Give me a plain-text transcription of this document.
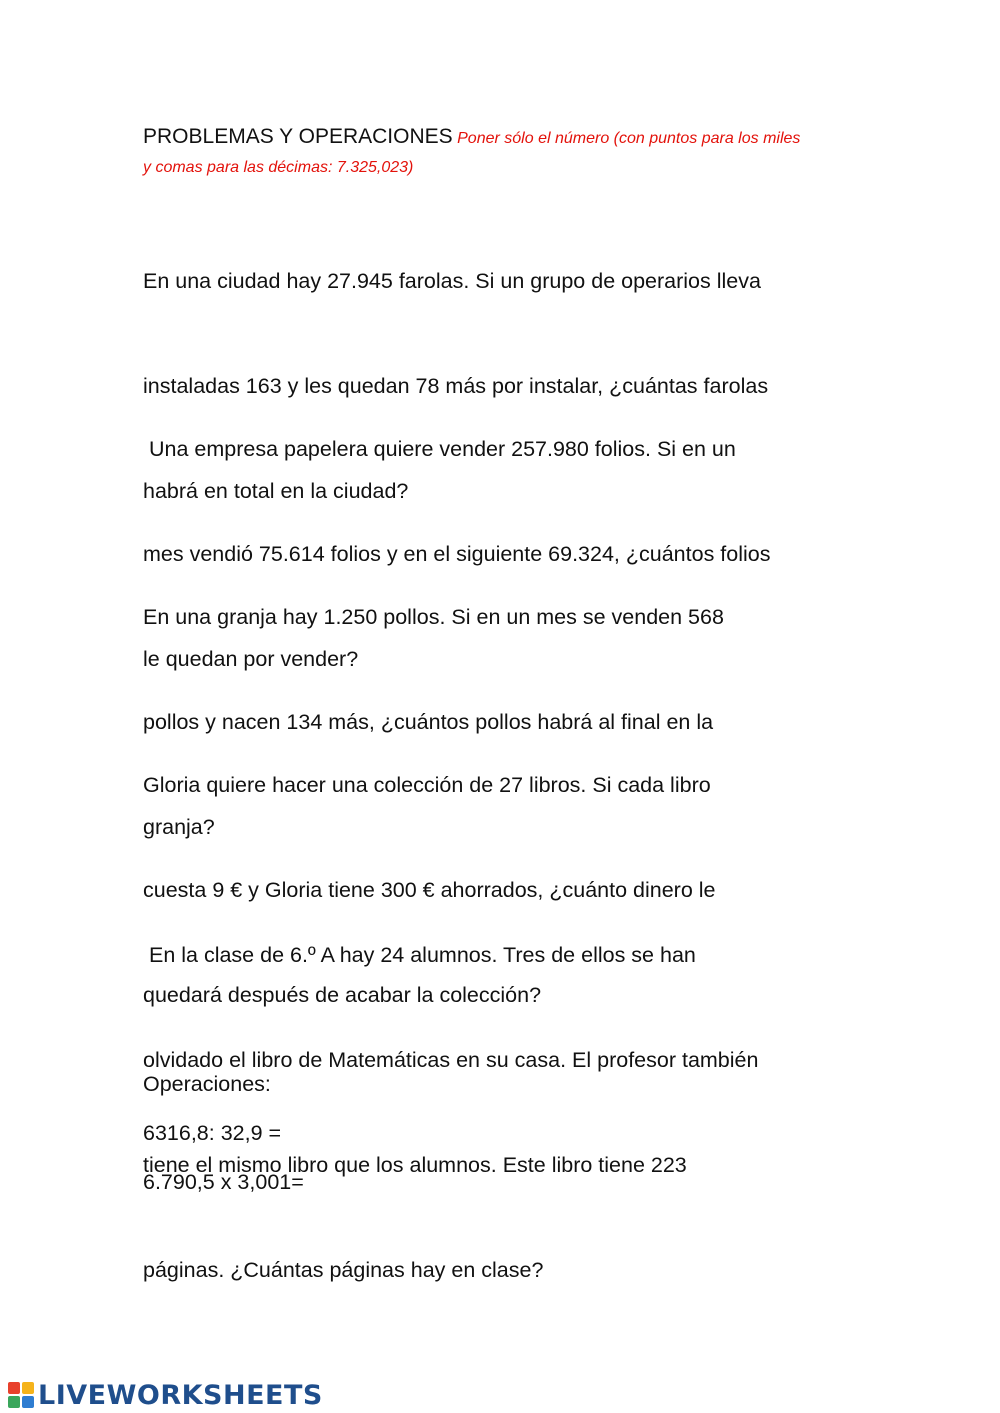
PROBLEMAS Y OPERACIONES Poner sólo el número (con puntos para los miles
y comas para las décimas: 7.325,023)

En una ciudad hay 27.945 farolas. Si un grupo de operarios lleva

instaladas 163 y les quedan 78 más por instalar, ¿cuántas farolas

habrá en total en la ciudad?

Una empresa papelera quiere vender 257.980 folios. Si en un

mes vendió 75.614 folios y en el siguiente 69.324, ¿cuántos folios

le quedan por vender?

En una granja hay 1.250 pollos. Si en un mes se venden 568

pollos y nacen 134 más, ¿cuántos pollos habrá al final en la

granja?

Gloria quiere hacer una colección de 27 libros. Si cada libro

cuesta 9 € y Gloria tiene 300 € ahorrados, ¿cuánto dinero le

quedará después de acabar la colección?

En la clase de 6.º A hay 24 alumnos. Tres de ellos se han

olvidado el libro de Matemáticas en su casa. El profesor también

tiene el mismo libro que los alumnos. Este libro tiene 223

páginas. ¿Cuántas páginas hay en clase?

Operaciones:
6316,8: 32,9 =
6.790,5 x 3,001=
LIVEWORKSHEETS
